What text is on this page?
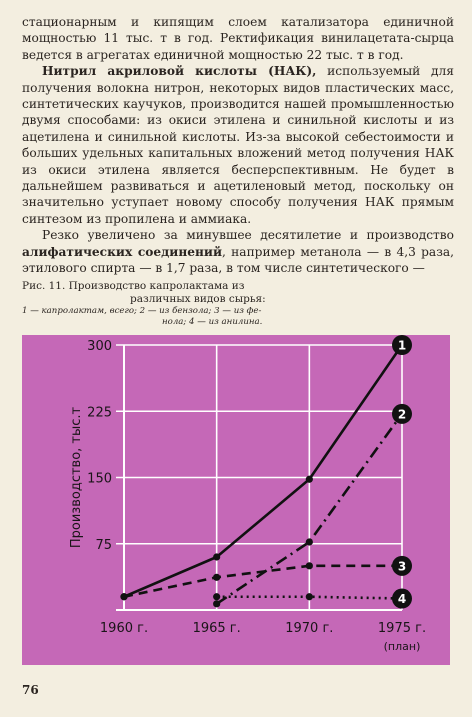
стационарным и кипящим слоем катализатора единичной мощностью 11 тыс. т в год. Ректификация винилацетата-сырца ведется в агрегатах единичной мощностью 22 тыс. т в год.

Нитрил акриловой кислоты (НАК), используемый для получения волокна нитрон, некоторых видов пластических масс, синтетических каучуков, производится нашей промышленностью двумя способами: из окиси этилена и синильной кислоты и из ацетилена и синильной кислоты. Из-за высокой себестоимости и больших удельных капитальных вложений метод получения НАК из окиси этилена является бесперспективным. Не будет в дальнейшем развиваться и ацетиленовый метод, поскольку он значительно уступает новому способу получения НАК прямым синтезом из пропилена и аммиака.

Резко увеличено за минувшее десятилетие и производство алифатических соединений, например метанола — в 4,3 раза, этилового спирта — в 1,7 раза, в том числе синтетического —

Рис. 11. Производство капролактама из
различных видов сырья:
1 — капролактам, всего; 2 — из бензола; 3 — из фе-
нола; 4 — из анилина.
300
225
150
75
1960 г.	1965 г.	1970 г.	1975 г.
(план)
Производство, тыс.т
1
2
3
4
76
